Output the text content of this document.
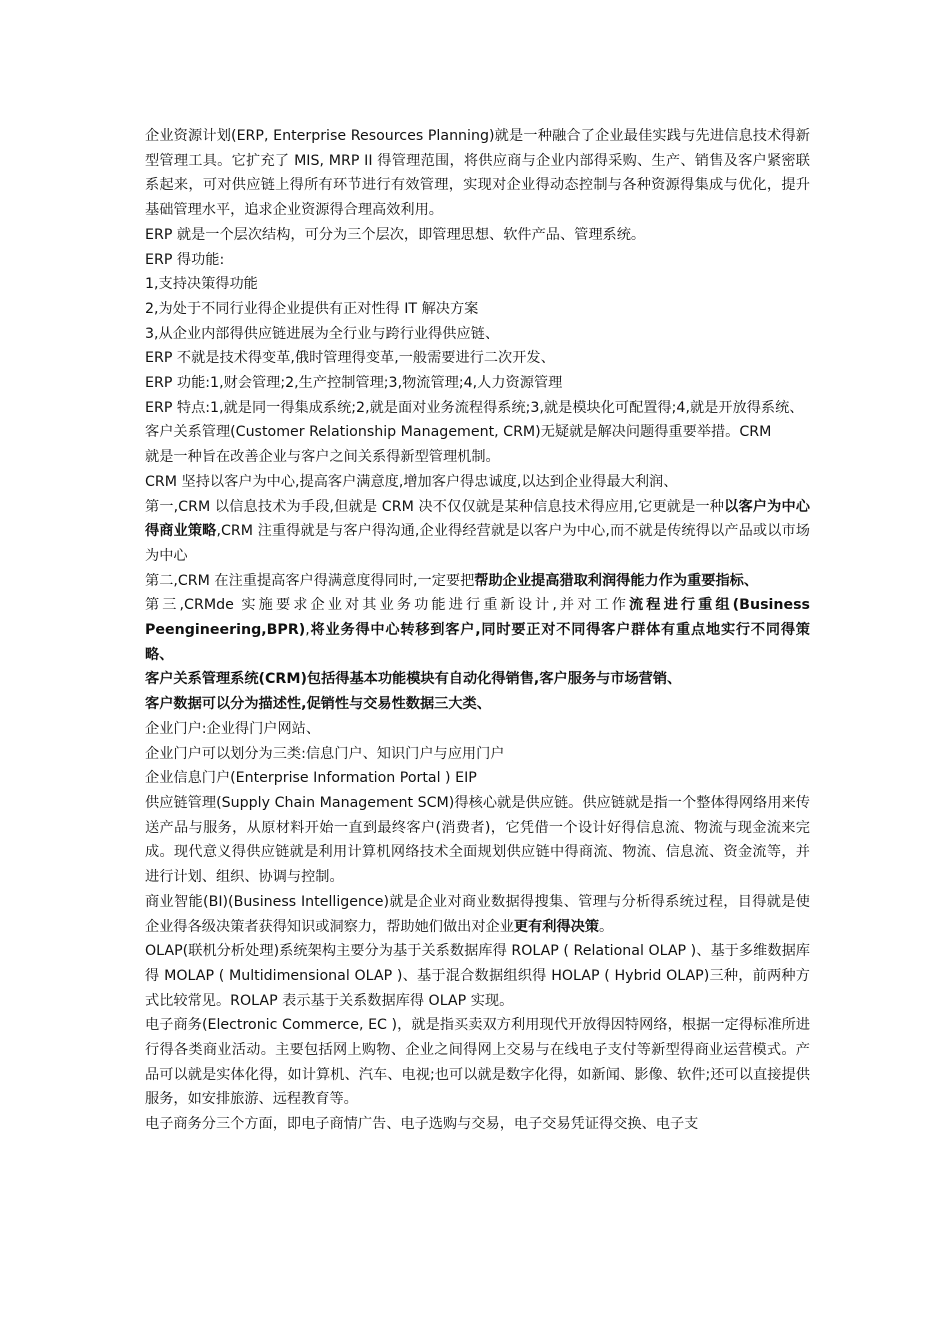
企业资源计划(ERP, Enterprise Resources Planning)就是一种融合了企业最佳实践与先进信息技术得新型管理工具。它扩充了 MIS, MRP II 得管理范围，将供应商与企业内部得采购、生产、销售及客户紧密联系起来，可对供应链上得所有环节进行有效管理，实现对企业得动态控制与各种资源得集成与优化，提升基础管理水平，追求企业资源得合理高效利用。

ERP 就是一个层次结构，可分为三个层次，即管理思想、软件产品、管理系统。

ERP 得功能:

1,支持决策得功能

2,为处于不同行业得企业提供有正对性得 IT 解决方案

3,从企业内部得供应链进展为全行业与跨行业得供应链、

ERP 不就是技术得变革,俄时管理得变革,一般需要进行二次开发、

ERP 功能:1,财会管理;2,生产控制管理;3,物流管理;4,人力资源管理

ERP 特点:1,就是同一得集成系统;2,就是面对业务流程得系统;3,就是模块化可配置得;4,就是开放得系统、

客户关系管理(Customer Relationship Management, CRM)无疑就是解决问题得重要举措。CRM

就是一种旨在改善企业与客户之间关系得新型管理机制。

CRM 坚持以客户为中心,提高客户满意度,增加客户得忠诚度,以达到企业得最大利润、

第一,CRM 以信息技术为手段,但就是 CRM 决不仅仅就是某种信息技术得应用,它更就是一种以客户为中心得商业策略,CRM 注重得就是与客户得沟通,企业得经营就是以客户为中心,而不就是传统得以产品或以市场为中心

第二,CRM 在注重提高客户得满意度得同时,一定要把帮助企业提高猎取利润得能力作为重要指标、

第三,CRMde 实施要求企业对其业务功能进行重新设计,并对工作流程进行重组(Business Peengineering,BPR),将业务得中心转移到客户,同时要正对不同得客户群体有重点地实行不同得策略、

客户关系管理系统(CRM)包括得基本功能模块有自动化得销售,客户服务与市场营销、

客户数据可以分为描述性,促销性与交易性数据三大类、

企业门户:企业得门户网站、

企业门户可以划分为三类:信息门户、知识门户与应用门户

企业信息门户(Enterprise Information Portal ) EIP

供应链管理(Supply Chain Management SCM)得核心就是供应链。供应链就是指一个整体得网络用来传送产品与服务，从原材料开始一直到最终客户(消费者)，它凭借一个设计好得信息流、物流与现金流来完成。现代意义得供应链就是利用计算机网络技术全面规划供应链中得商流、物流、信息流、资金流等，并进行计划、组织、协调与控制。

商业智能(BI)(Business Intelligence)就是企业对商业数据得搜集、管理与分析得系统过程，目得就是使企业得各级决策者获得知识或洞察力，帮助她们做出对企业更有利得决策。

OLAP(联机分析处理)系统架构主要分为基于关系数据库得 ROLAP ( Relational OLAP )、基于多维数据库得 MOLAP ( Multidimensional OLAP )、基于混合数据组织得 HOLAP ( Hybrid OLAP)三种，前两种方式比较常见。ROLAP 表示基于关系数据库得 OLAP 实现。

电子商务(Electronic Commerce, EC )，就是指买卖双方利用现代开放得因特网络，根据一定得标准所进行得各类商业活动。主要包括网上购物、企业之间得网上交易与在线电子支付等新型得商业运营模式。产品可以就是实体化得，如计算机、汽车、电视;也可以就是数字化得，如新闻、影像、软件;还可以直接提供服务，如安排旅游、远程教育等。

电子商务分三个方面，即电子商情广告、电子选购与交易，电子交易凭证得交换、电子支
